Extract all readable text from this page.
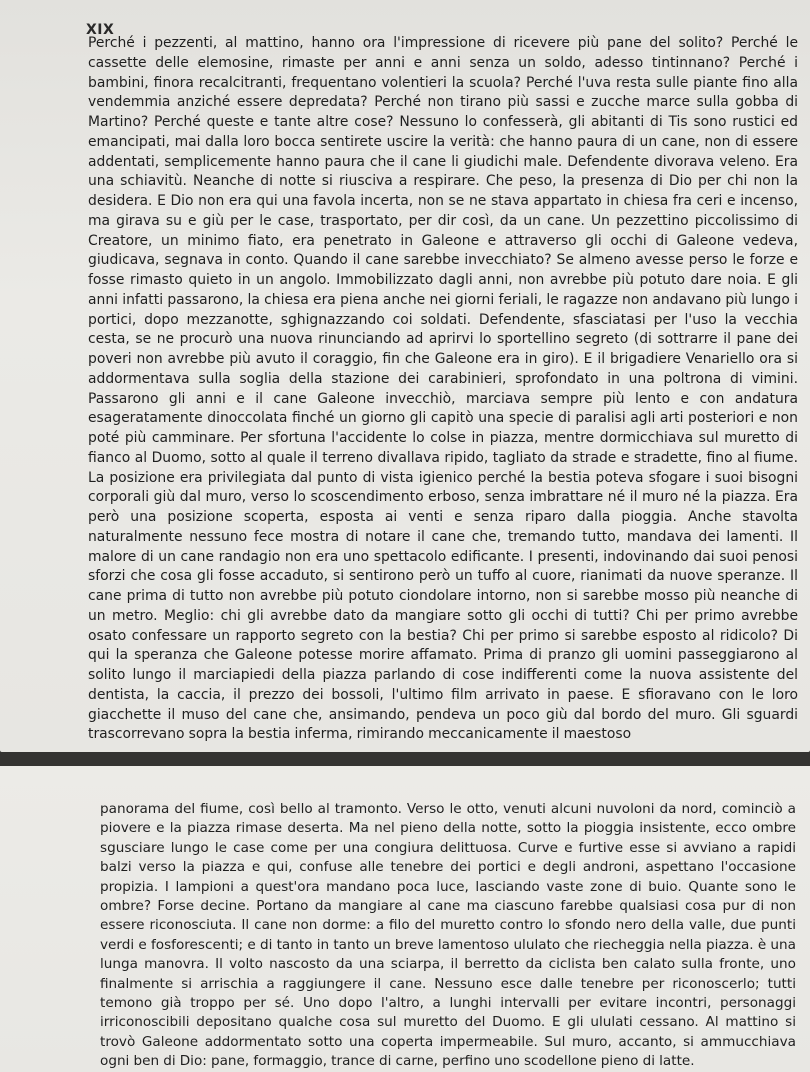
XIX

Perché i pezzenti, al mattino, hanno ora l'impressione di ricevere più pane del solito? Perché le cassette delle elemosine, rimaste per anni e anni senza un soldo, adesso tintinnano? Perché i bambini, finora recalcitranti, frequentano volentieri la scuola? Perché l'uva resta sulle piante fino alla vendemmia anziché essere depredata? Perché non tirano più sassi e zucche marce sulla gobba di Martino? Perché queste e tante altre cose? Nessuno lo confesserà, gli abitanti di Tis sono rustici ed emancipati, mai dalla loro bocca sentirete uscire la verità: che hanno paura di un cane, non di essere addentati, semplicemente hanno paura che il cane li giudichi male. Defendente divorava veleno. Era una schiavitù. Neanche di notte si riusciva a respirare. Che peso, la presenza di Dio per chi non la desidera. E Dio non era qui una favola incerta, non se ne stava appartato in chiesa fra ceri e incenso, ma girava su e giù per le case, trasportato, per dir così, da un cane. Un pezzettino piccolissimo di Creatore, un minimo fiato, era penetrato in Galeone e attraverso gli occhi di Galeone vedeva, giudicava, segnava in conto. Quando il cane sarebbe invecchiato? Se almeno avesse perso le forze e fosse rimasto quieto in un angolo. Immobilizzato dagli anni, non avrebbe più potuto dare noia. E gli anni infatti passarono, la chiesa era piena anche nei giorni feriali, le ragazze non andavano più lungo i portici, dopo mezzanotte, sghignazzando coi soldati. Defendente, sfasciatasi per l'uso la vecchia cesta, se ne procurò una nuova rinunciando ad aprirvi lo sportellino segreto (di sottrarre il pane dei poveri non avrebbe più avuto il coraggio, fin che Galeone era in giro). E il brigadiere Venariello ora si addormentava sulla soglia della stazione dei carabinieri, sprofondato in una poltrona di vimini. Passarono gli anni e il cane Galeone invecchiò, marciava sempre più lento e con andatura esageratamente dinoccolata finché un giorno gli capitò una specie di paralisi agli arti posteriori e non poté più camminare. Per sfortuna l'accidente lo colse in piazza, mentre dormicchiava sul muretto di fianco al Duomo, sotto al quale il terreno divallava ripido, tagliato da strade e stradette, fino al fiume. La posizione era privilegiata dal punto di vista igienico perché la bestia poteva sfogare i suoi bisogni corporali giù dal muro, verso lo scoscendimento erboso, senza imbrattare né il muro né la piazza. Era però una posizione scoperta, esposta ai venti e senza riparo dalla pioggia. Anche stavolta naturalmente nessuno fece mostra di notare il cane che, tremando tutto, mandava dei lamenti. Il malore di un cane randagio non era uno spettacolo edificante. I presenti, indovinando dai suoi penosi sforzi che cosa gli fosse accaduto, si sentirono però un tuffo al cuore, rianimati da nuove speranze. Il cane prima di tutto non avrebbe più potuto ciondolare intorno, non si sarebbe mosso più neanche di un metro. Meglio: chi gli avrebbe dato da mangiare sotto gli occhi di tutti? Chi per primo avrebbe osato confessare un rapporto segreto con la bestia? Chi per primo si sarebbe esposto al ridicolo? Di qui la speranza che Galeone potesse morire affamato. Prima di pranzo gli uomini passeggiarono al solito lungo il marciapiedi della piazza parlando di cose indifferenti come la nuova assistente del dentista, la caccia, il prezzo dei bossoli, l'ultimo film arrivato in paese. E sfioravano con le loro giacchette il muso del cane che, ansimando, pendeva un poco giù dal bordo del muro. Gli sguardi trascorrevano sopra la bestia inferma, rimirando meccanicamente il maestoso

panorama del fiume, così bello al tramonto. Verso le otto, venuti alcuni nuvoloni da nord, cominciò a piovere e la piazza rimase deserta. Ma nel pieno della notte, sotto la pioggia insistente, ecco ombre sgusciare lungo le case come per una congiura delittuosa. Curve e furtive esse si avviano a rapidi balzi verso la piazza e qui, confuse alle tenebre dei portici e degli androni, aspettano l'occasione propizia. I lampioni a quest'ora mandano poca luce, lasciando vaste zone di buio. Quante sono le ombre? Forse decine. Portano da mangiare al cane ma ciascuno farebbe qualsiasi cosa pur di non essere riconosciuta. Il cane non dorme: a filo del muretto contro lo sfondo nero della valle, due punti verdi e fosforescenti; e di tanto in tanto un breve lamentoso ululato che riecheggia nella piazza. è una lunga manovra. Il volto nascosto da una sciarpa, il berretto da ciclista ben calato sulla fronte, uno finalmente si arrischia a raggiungere il cane. Nessuno esce dalle tenebre per riconoscerlo; tutti temono già troppo per sé. Uno dopo l'altro, a lunghi intervalli per evitare incontri, personaggi irriconoscibili depositano qualche cosa sul muretto del Duomo. E gli ululati cessano. Al mattino si trovò Galeone addormentato sotto una coperta impermeabile. Sul muro, accanto, si ammucchiava ogni ben di Dio: pane, formaggio, trance di carne, perfino uno scodellone pieno di latte.
